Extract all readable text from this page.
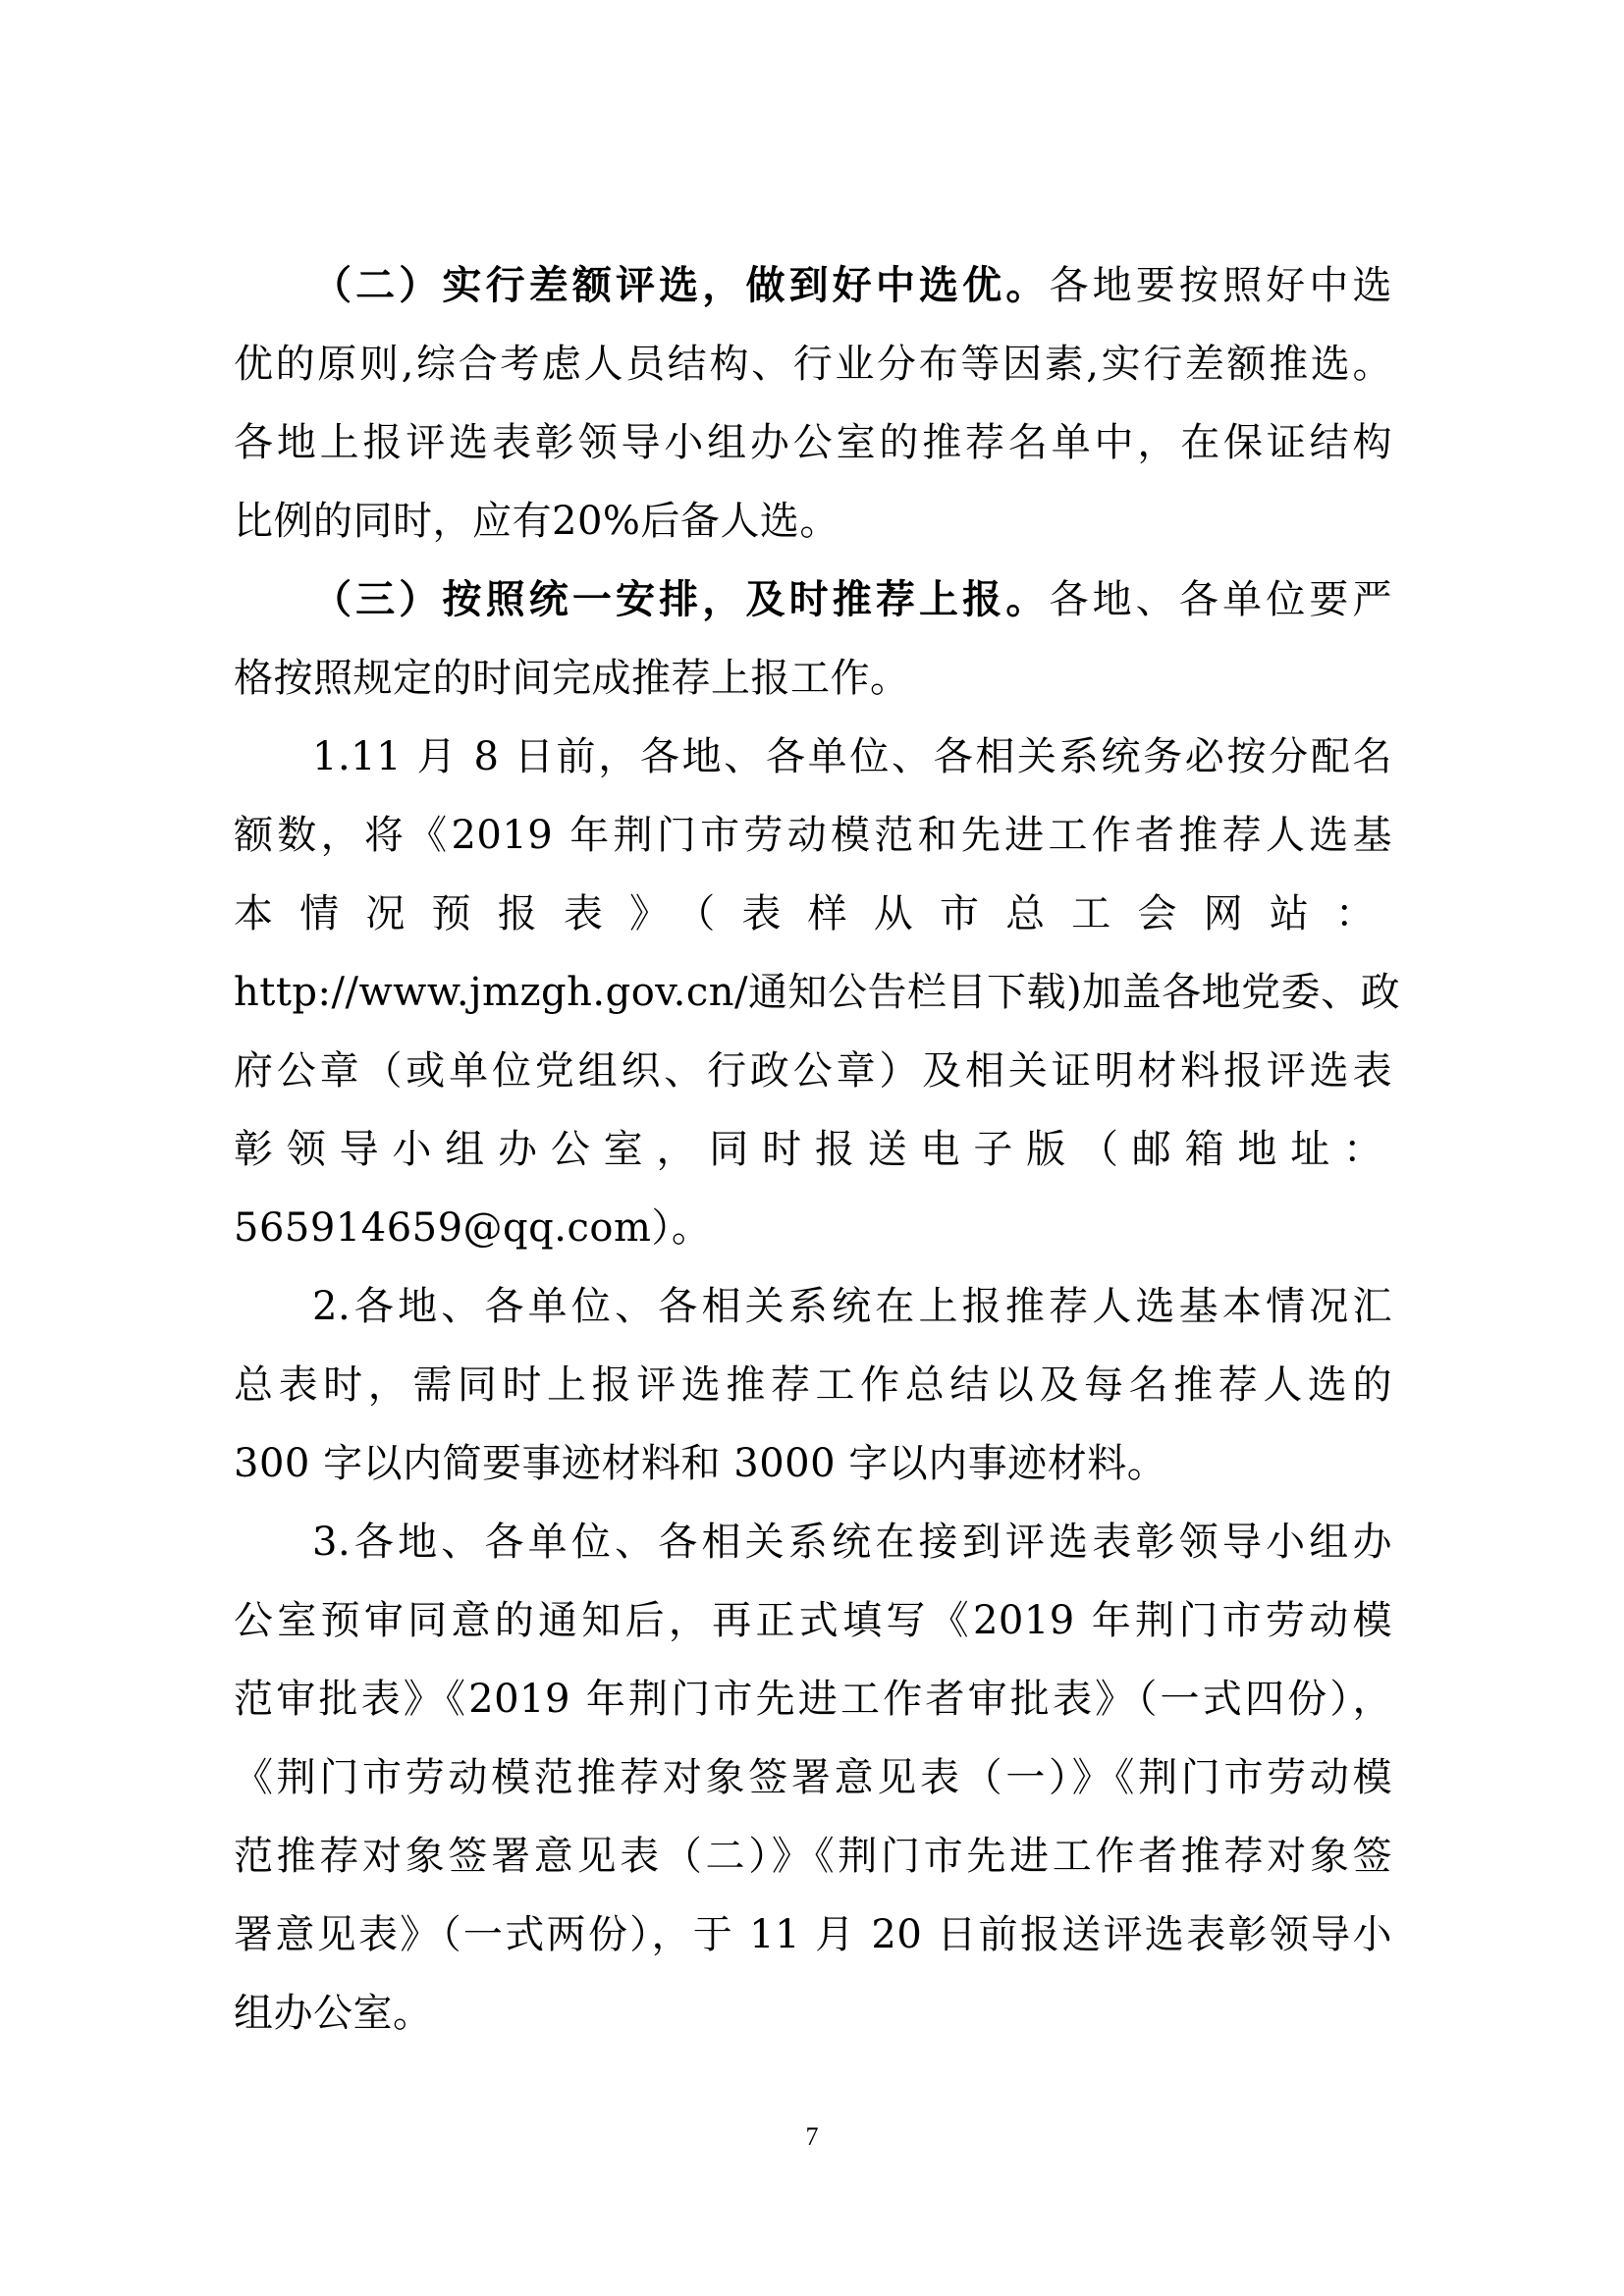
（二）实行差额评选，做到好中选优。各地要按照好中选
优的原则,综合考虑人员结构、行业分布等因素,实行差额推选。
各地上报评选表彰领导小组办公室的推荐名单中，在保证结构
比例的同时，应有20%后备人选。
（三）按照统一安排，及时推荐上报。各地、各单位要严
格按照规定的时间完成推荐上报工作。
1.11 月 8 日前，各地、各单位、各相关系统务必按分配名
额数，将《2019 年荆门市劳动模范和先进工作者推荐人选基
本情况预报表》（表样从市总工会网站：
http://www.jmzgh.gov.cn/通知公告栏目下载)加盖各地党委、政
府公章（或单位党组织、行政公章）及相关证明材料报评选表
彰领导小组办公室，同时报送电子版（邮箱地址：
565914659@qq.com）。
2.各地、各单位、各相关系统在上报推荐人选基本情况汇
总表时，需同时上报评选推荐工作总结以及每名推荐人选的
300 字以内简要事迹材料和 3000 字以内事迹材料。
3.各地、各单位、各相关系统在接到评选表彰领导小组办
公室预审同意的通知后，再正式填写《2019 年荆门市劳动模
范审批表》《2019 年荆门市先进工作者审批表》（一式四份），
《荆门市劳动模范推荐对象签署意见表（一）》《荆门市劳动模
范推荐对象签署意见表（二）》《荆门市先进工作者推荐对象签
署意见表》（一式两份），于 11 月 20 日前报送评选表彰领导小
组办公室。
7
